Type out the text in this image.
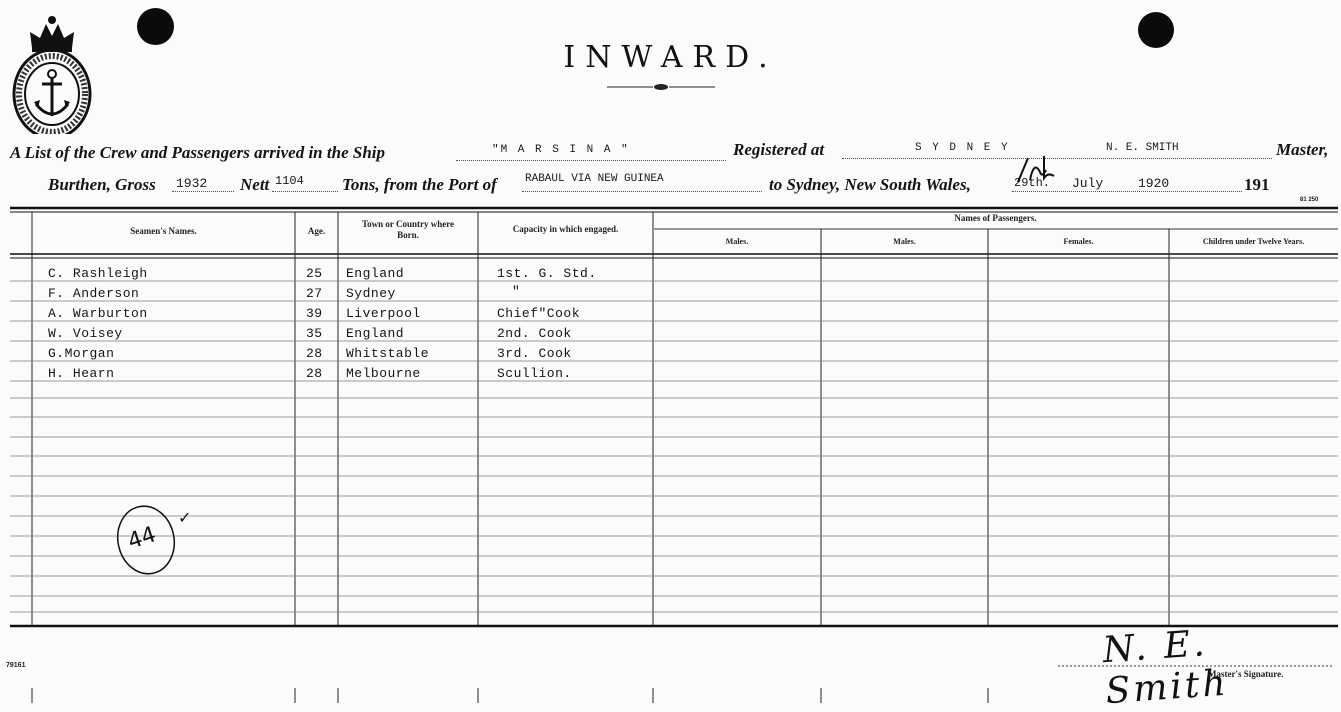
INWARD.
A List of the Crew and Passengers arrived in the Ship	"M A R S I N A "	Registered at	S Y D N E Y	N. E. SMITH	Master,
Burthen, Gross 1932 Nett 1104 Tons, from the Port of	RABAUL VIA NEW GUINEA	to Sydney, New South Wales,	29th. July	1920	191
81 250
Seamen's Names.	Age.
Town or Country where Born.
Capacity in which engaged.
Names of Passengers.
Males.	Males.	Females.	Children under Twelve Years.
C. Rashleigh	25 England	1st. G. Std.
F. Anderson	27 Sydney	"
A. Warburton	39 Liverpool	Chief"Cook
W. Voisey	35 England	2nd. Cook
G.Morgan	28 Whitstable	3rd. Cook
H. Hearn	28 Melbourne	Scullion.
44
✓
79161	N. E. Smith
Master's Signature.
